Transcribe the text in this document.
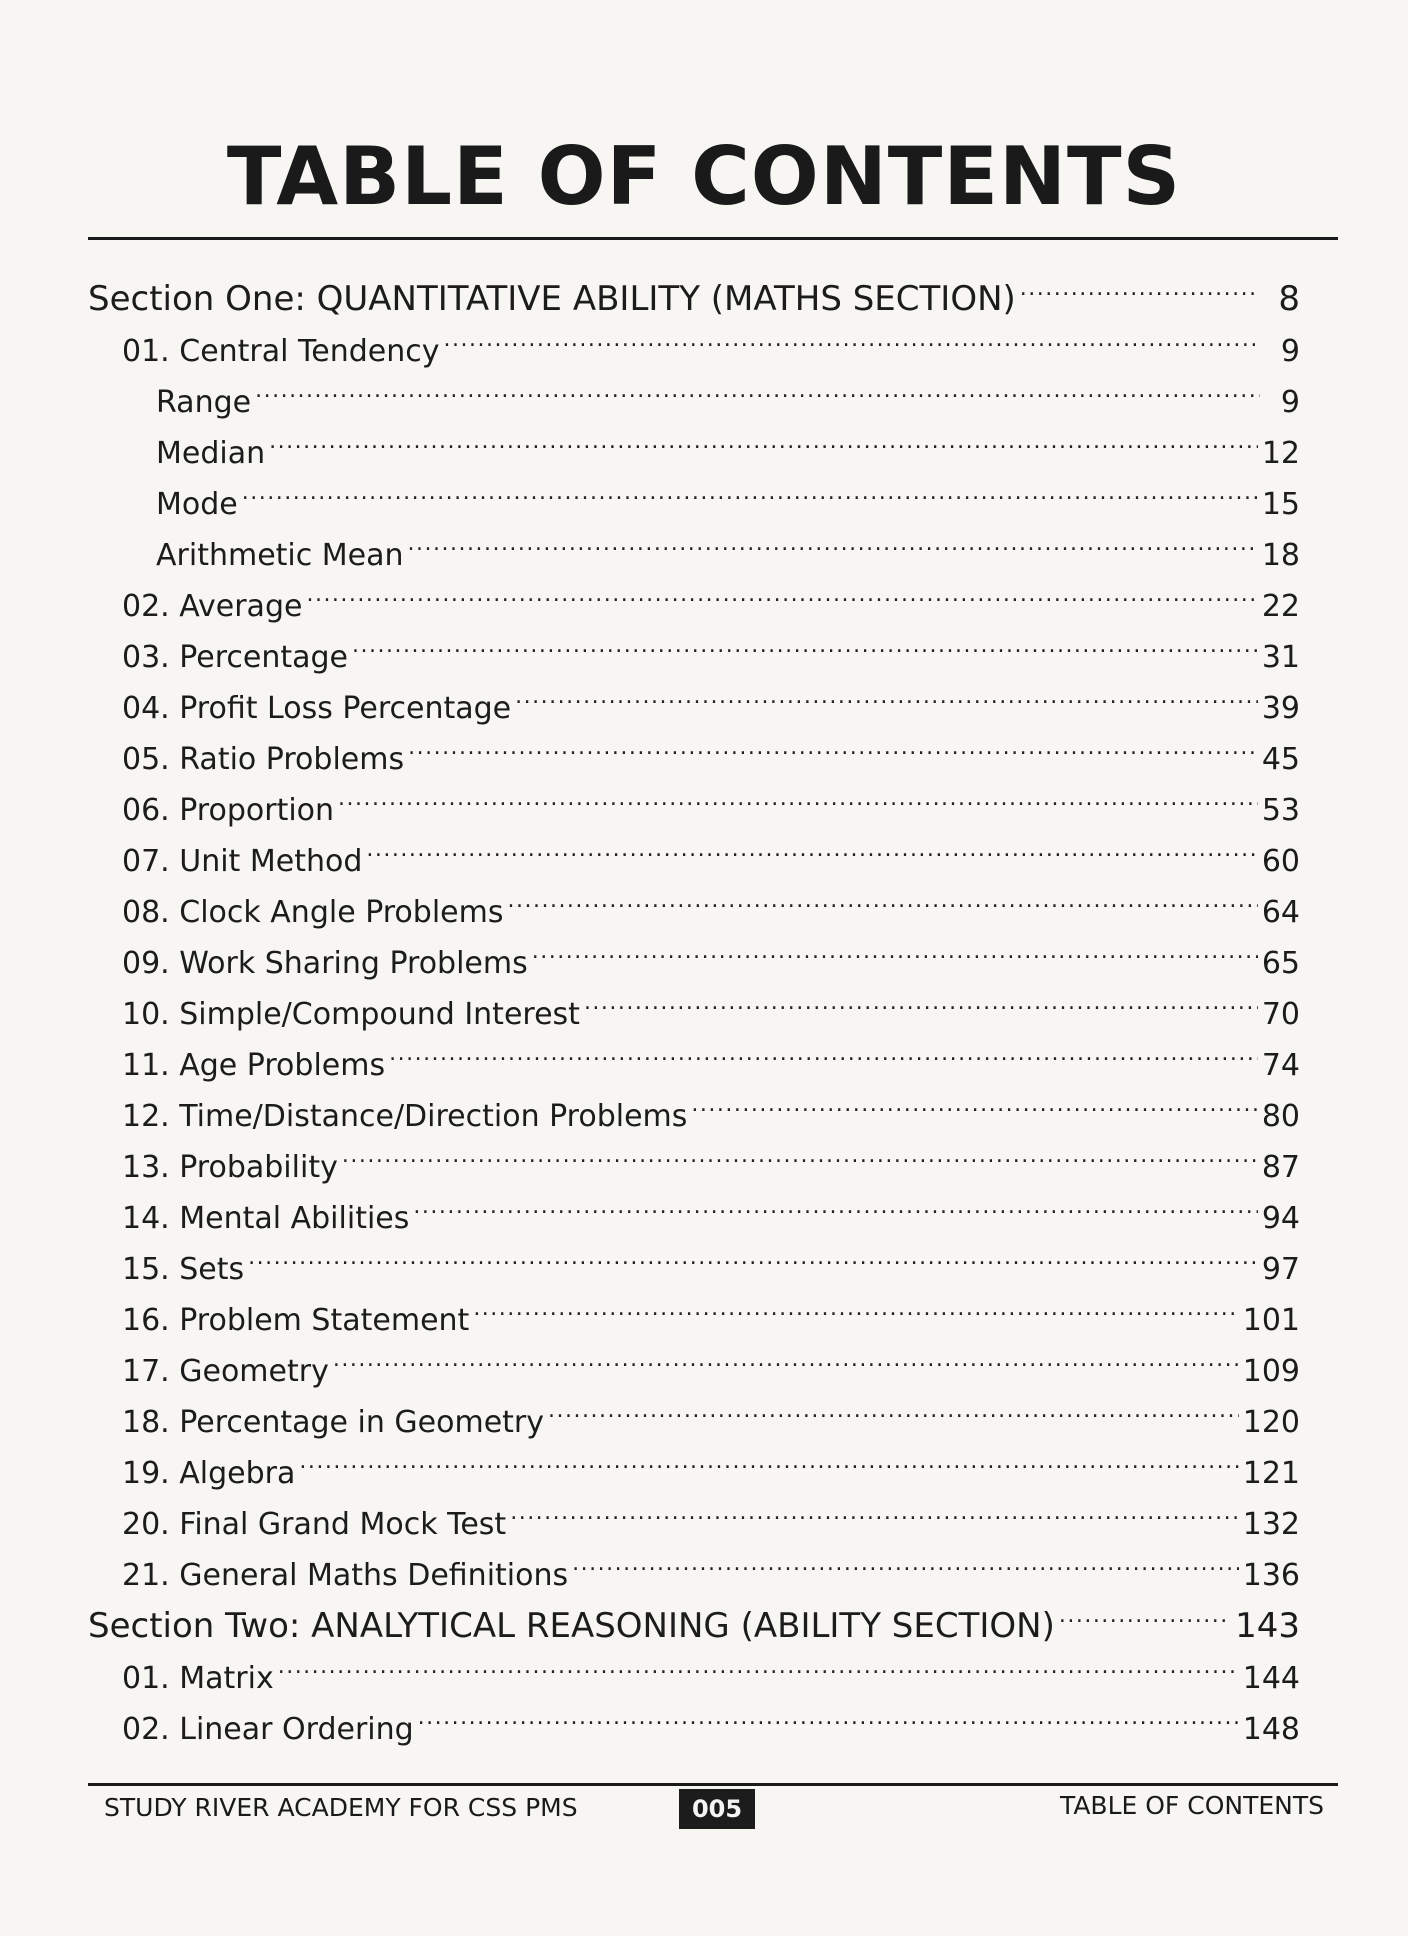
TABLE OF CONTENTS
Section One: QUANTITATIVE ABILITY (MATHS SECTION) .....	8
01. Central Tendency .....	9
Range .....	9
Median .....	12
Mode .....	15
Arithmetic Mean .....	18
02. Average .....	22
03. Percentage .....	31
04. Profit Loss Percentage .....	39
05. Ratio Problems .....	45
06. Proportion .....	53
07. Unit Method .....	60
08. Clock Angle Problems .....	64
09. Work Sharing Problems .....	65
10. Simple/Compound Interest .....	70
11. Age Problems .....	74
12. Time/Distance/Direction Problems .....	80
13. Probability .....	87
14. Mental Abilities .....	94
15. Sets .....	97
16. Problem Statement .....	101
17. Geometry .....	109
18. Percentage in Geometry .....	120
19. Algebra .....	121
20. Final Grand Mock Test .....	132
21. General Maths Definitions .....	136
Section Two: ANALYTICAL REASONING (ABILITY SECTION) .....	143
01. Matrix .....	144
02. Linear Ordering .....	148
STUDY RIVER ACADEMY FOR CSS PMS	005	TABLE OF CONTENTS
